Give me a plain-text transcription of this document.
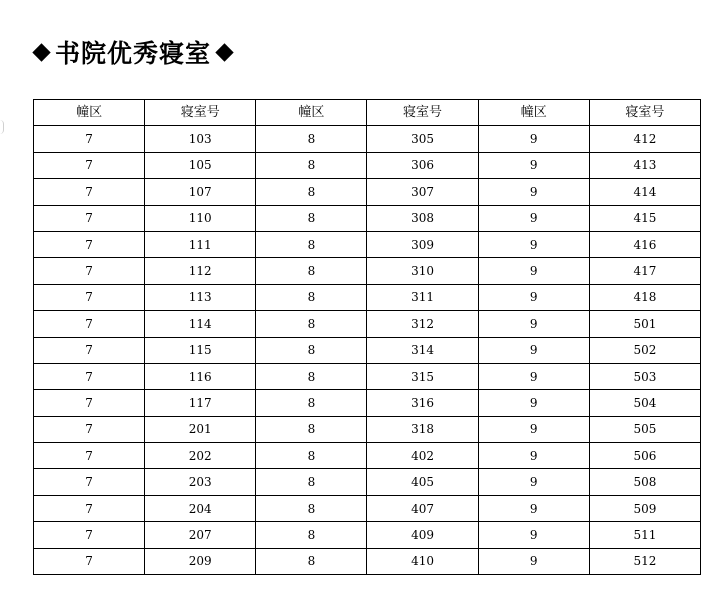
书院优秀寝室
幢区	寝室号	幢区	寝室号	幢区	寝室号
7	103	8	305	9	412
7	105	8	306	9	413
7	107	8	307	9	414
7	110	8	308	9	415
7	111	8	309	9	416
7	112	8	310	9	417
7	113	8	311	9	418
7	114	8	312	9	501
7	115	8	314	9	502
7	116	8	315	9	503
7	117	8	316	9	504
7	201	8	318	9	505
7	202	8	402	9	506
7	203	8	405	9	508
7	204	8	407	9	509
7	207	8	409	9	511
7	209	8	410	9	512
